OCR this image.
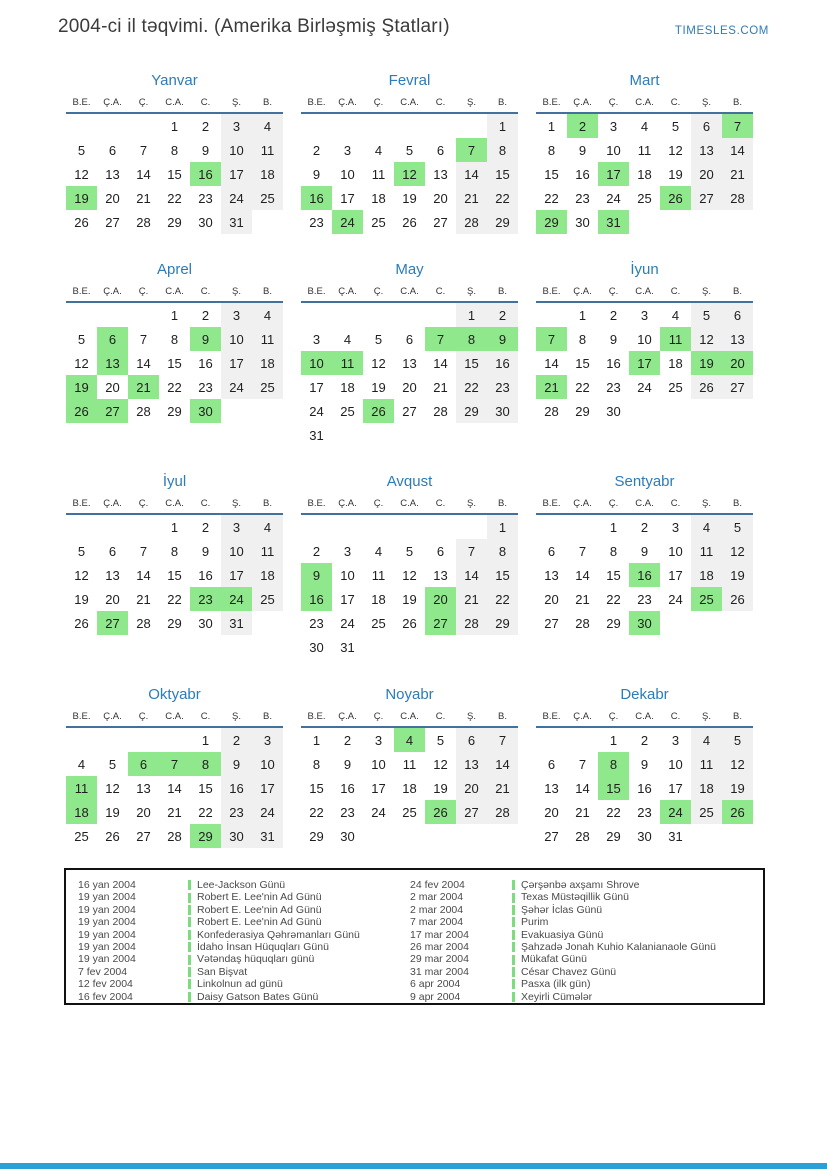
2004-ci il təqvimi. (Amerika Birləşmiş Ştatları)	TIMESLES.COM
Yanvar
B.E.	Ç.A.	Ç.	C.A.	C.	Ş.	B.
			1	2	3	4
5	6	7	8	9	10	11
12	13	14	15	16	17	18
19	20	21	22	23	24	25
26	27	28	29	30	31	
Fevral
B.E.	Ç.A.	Ç.	C.A.	C.	Ş.	B.
						1
2	3	4	5	6	7	8
9	10	11	12	13	14	15
16	17	18	19	20	21	22
23	24	25	26	27	28	29
Mart
B.E.	Ç.A.	Ç.	C.A.	C.	Ş.	B.
1	2	3	4	5	6	7
8	9	10	11	12	13	14
15	16	17	18	19	20	21
22	23	24	25	26	27	28
29	30	31				
Aprel
B.E.	Ç.A.	Ç.	C.A.	C.	Ş.	B.
			1	2	3	4
5	6	7	8	9	10	11
12	13	14	15	16	17	18
19	20	21	22	23	24	25
26	27	28	29	30		
May
B.E.	Ç.A.	Ç.	C.A.	C.	Ş.	B.
					1	2
3	4	5	6	7	8	9
10	11	12	13	14	15	16
17	18	19	20	21	22	23
24	25	26	27	28	29	30
31						
İyun
B.E.	Ç.A.	Ç.	C.A.	C.	Ş.	B.
	1	2	3	4	5	6
7	8	9	10	11	12	13
14	15	16	17	18	19	20
21	22	23	24	25	26	27
28	29	30				
İyul
B.E.	Ç.A.	Ç.	C.A.	C.	Ş.	B.
			1	2	3	4
5	6	7	8	9	10	11
12	13	14	15	16	17	18
19	20	21	22	23	24	25
26	27	28	29	30	31	
Avqust
B.E.	Ç.A.	Ç.	C.A.	C.	Ş.	B.
						1
2	3	4	5	6	7	8
9	10	11	12	13	14	15
16	17	18	19	20	21	22
23	24	25	26	27	28	29
30	31					
Sentyabr
B.E.	Ç.A.	Ç.	C.A.	C.	Ş.	B.
		1	2	3	4	5
6	7	8	9	10	11	12
13	14	15	16	17	18	19
20	21	22	23	24	25	26
27	28	29	30			
Oktyabr
B.E.	Ç.A.	Ç.	C.A.	C.	Ş.	B.
				1	2	3
4	5	6	7	8	9	10
11	12	13	14	15	16	17
18	19	20	21	22	23	24
25	26	27	28	29	30	31
Noyabr
B.E.	Ç.A.	Ç.	C.A.	C.	Ş.	B.
1	2	3	4	5	6	7
8	9	10	11	12	13	14
15	16	17	18	19	20	21
22	23	24	25	26	27	28
29	30					
Dekabr
B.E.	Ç.A.	Ç.	C.A.	C.	Ş.	B.
		1	2	3	4	5
6	7	8	9	10	11	12
13	14	15	16	17	18	19
20	21	22	23	24	25	26
27	28	29	30	31		
16 yan 2004	Lee-Jackson Günü	24 fev 2004	Çərşənbə axşamı Shrove
19 yan 2004	Robert E. Lee'nin Ad Günü	2 mar 2004	Texas Müstəqillik Günü
19 yan 2004	Robert E. Lee'nin Ad Günü	2 mar 2004	Şəhər İclas Günü
19 yan 2004	Robert E. Lee'nin Ad Günü	7 mar 2004	Purim
19 yan 2004	Konfederasiya Qəhrəmanları Günü	17 mar 2004	Evakuasiya Günü
19 yan 2004	İdaho İnsan Hüquqları Günü	26 mar 2004	Şahzadə Jonah Kuhio Kalanianaole Günü
19 yan 2004	Vətəndaş hüquqları günü	29 mar 2004	Mükafat Günü
7 fev 2004	San Bişvat	31 mar 2004	César Chavez Günü
12 fev 2004	Linkolnun ad günü	6 apr 2004	Pasxa (ilk gün)
16 fev 2004	Daisy Gatson Bates Günü	9 apr 2004	Xeyirli Cümələr
